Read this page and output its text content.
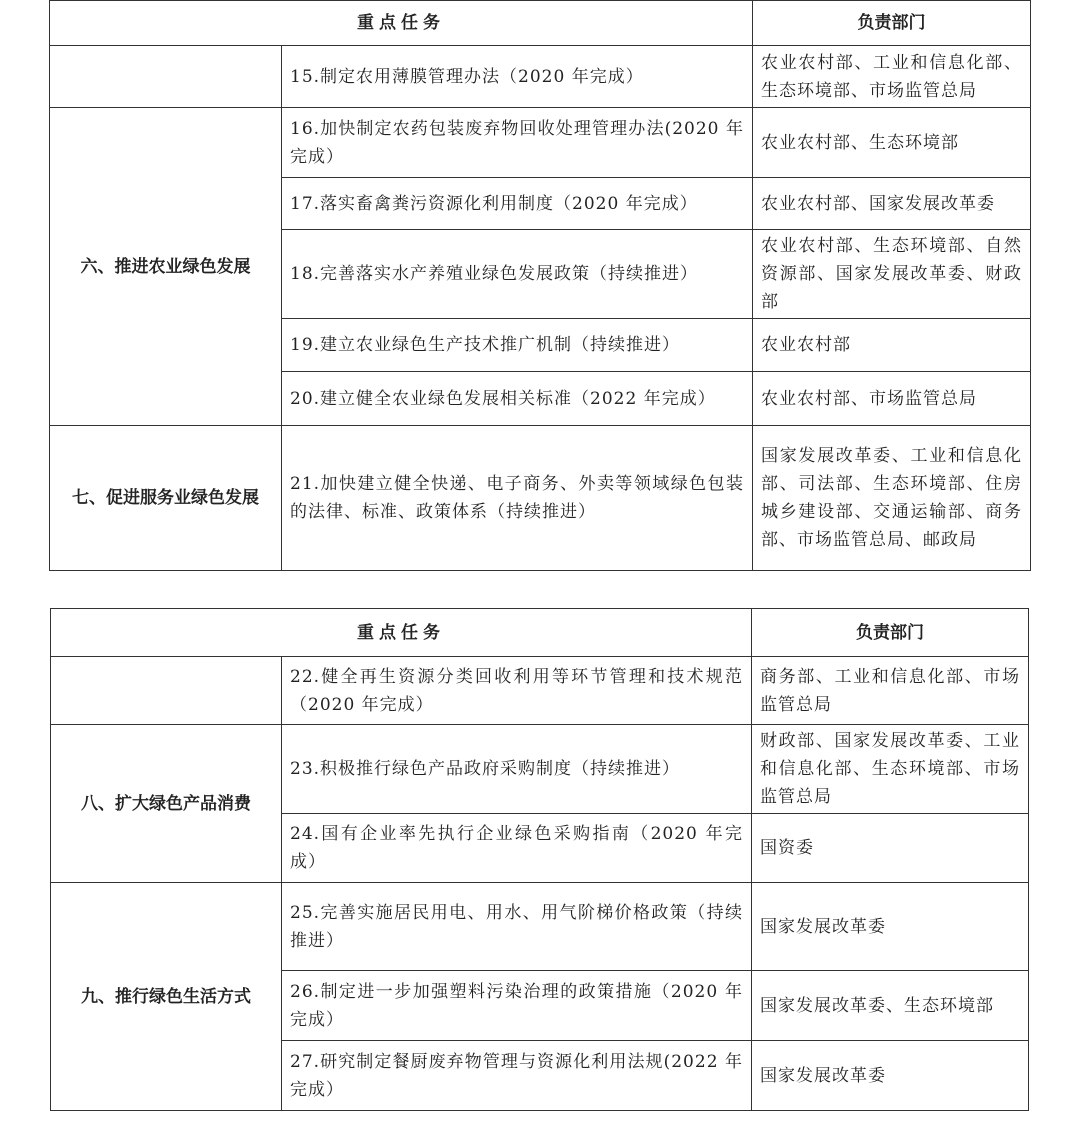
重点任务		负责部门
	15.制定农用薄膜管理办法（2020 年完成）	农业农村部、工业和信息化部、生态环境部、市场监管总局
六、推进农业绿色发展	16.加快制定农药包装废弃物回收处理管理办法(2020 年完成）	农业农村部、生态环境部
	17.落实畜禽粪污资源化利用制度（2020 年完成）	农业农村部、国家发展改革委
	18.完善落实水产养殖业绿色发展政策（持续推进）	农业农村部、生态环境部、自然资源部、国家发展改革委、财政部
	19.建立农业绿色生产技术推广机制（持续推进）	农业农村部
	20.建立健全农业绿色发展相关标准（2022 年完成）	农业农村部、市场监管总局
七、促进服务业绿色发展	21.加快建立健全快递、电子商务、外卖等领域绿色包装的法律、标准、政策体系（持续推进）	国家发展改革委、工业和信息化部、司法部、生态环境部、住房城乡建设部、交通运输部、商务部、市场监管总局、邮政局
重点任务		负责部门
	22.健全再生资源分类回收利用等环节管理和技术规范（2020 年完成）	商务部、工业和信息化部、市场监管总局
八、扩大绿色产品消费	23.积极推行绿色产品政府采购制度（持续推进）	财政部、国家发展改革委、工业和信息化部、生态环境部、市场监管总局
	24.国有企业率先执行企业绿色采购指南（2020 年完成）	国资委
九、推行绿色生活方式	25.完善实施居民用电、用水、用气阶梯价格政策（持续推进）	国家发展改革委
	26.制定进一步加强塑料污染治理的政策措施（2020 年完成）	国家发展改革委、生态环境部
	27.研究制定餐厨废弃物管理与资源化利用法规(2022 年完成）	国家发展改革委
